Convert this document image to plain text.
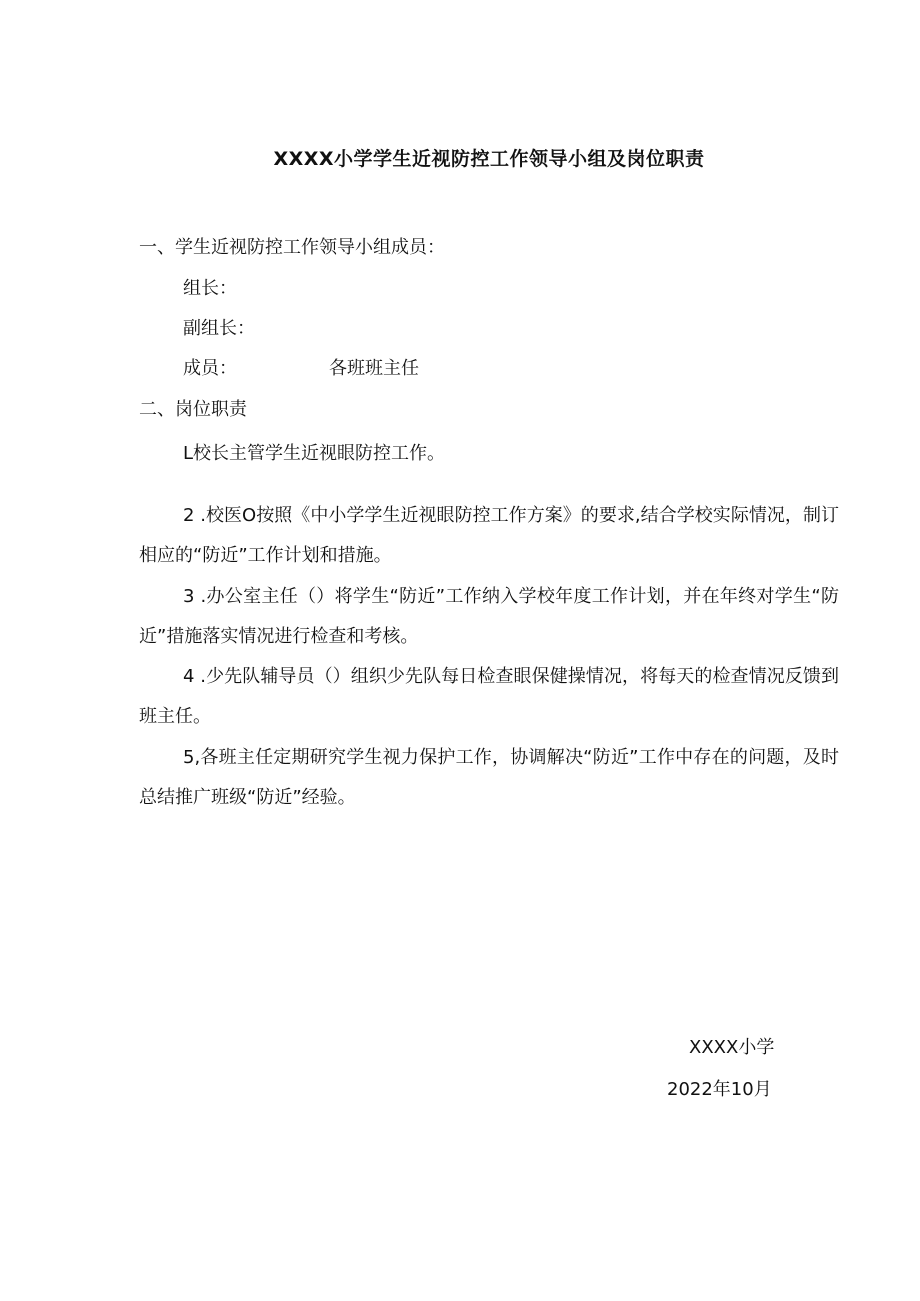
XXXX小学学生近视防控工作领导小组及岗位职责
一、学生近视防控工作领导小组成员：
组长：
副组长：
成员：	各班班主任
二、岗位职责
L校长主管学生近视眼防控工作。
2 .校医O按照《中小学学生近视眼防控工作方案》的要求,结合学校实际情况，制订相应的“防近”工作计划和措施。
3 .办公室主任（）将学生“防近”工作纳入学校年度工作计划，并在年终对学生“防近”措施落实情况进行检查和考核。
4 .少先队辅导员（）组织少先队每日检查眼保健操情况，将每天的检查情况反馈到班主任。
5,各班主任定期研究学生视力保护工作，协调解决“防近”工作中存在的问题，及时总结推广班级“防近”经验。
XXXX小学
2022年10月
